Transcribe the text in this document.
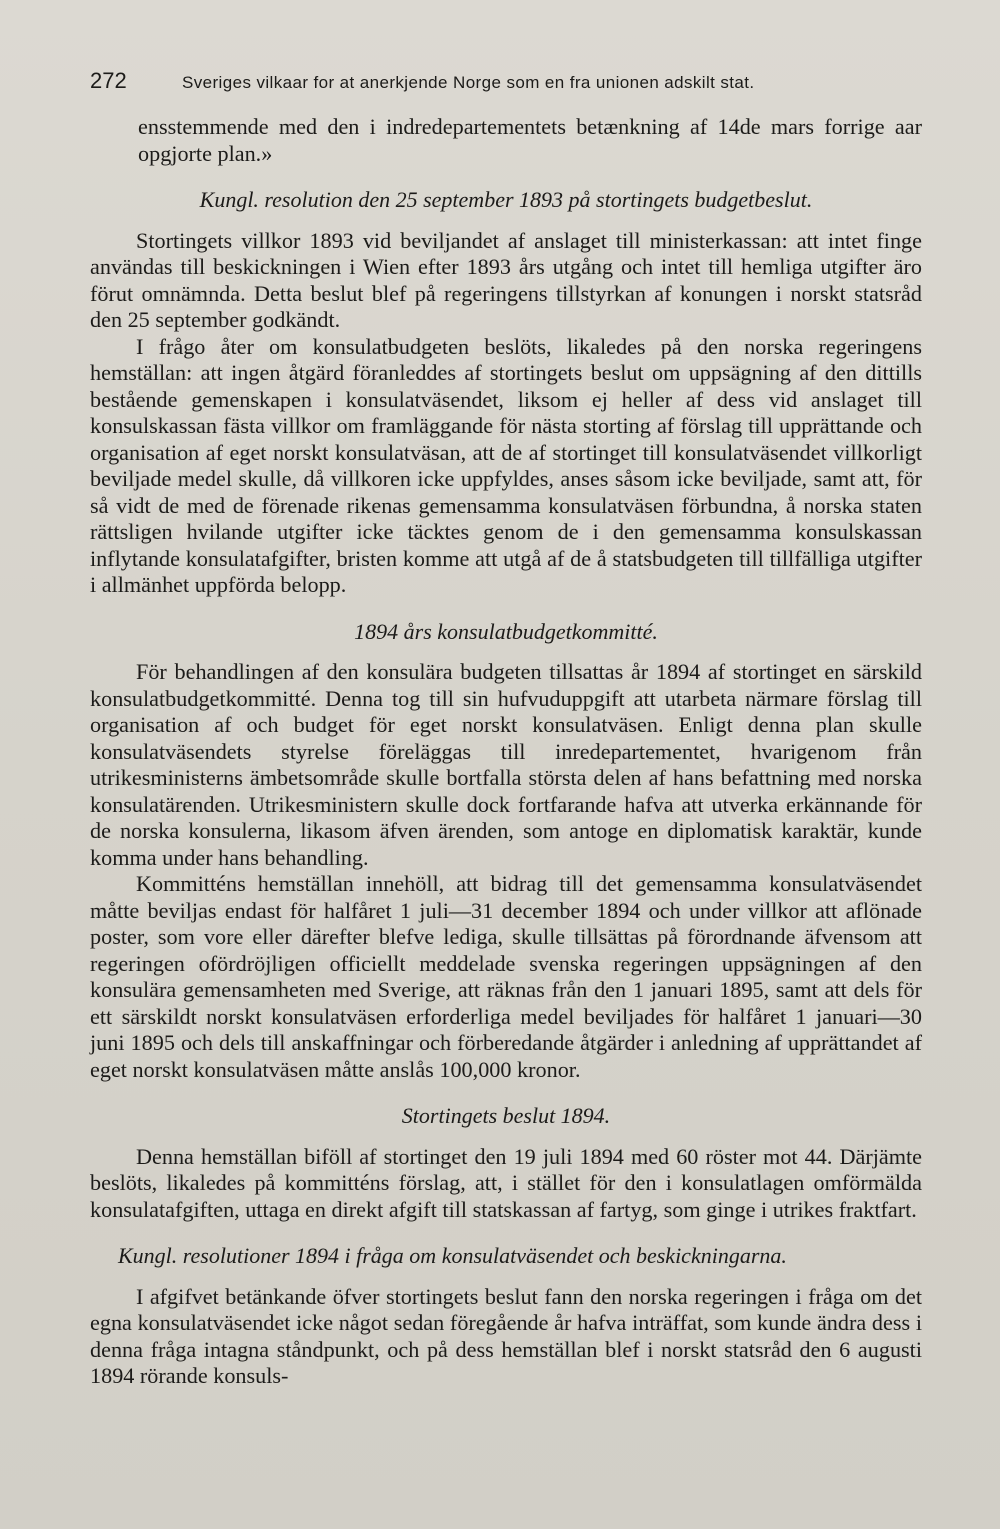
272	Sveriges vilkaar for at anerkjende Norge som en fra unionen adskilt stat.

ensstemmende med den i indredepartementets betænkning af 14de mars forrige aar opgjorte plan.»

Kungl. resolution den 25 september 1893 på stortingets budgetbeslut.

Stortingets villkor 1893 vid beviljandet af anslaget till ministerkassan: att intet finge användas till beskickningen i Wien efter 1893 års utgång och intet till hemliga utgifter äro förut omnämnda. Detta beslut blef på regeringens tillstyrkan af konungen i norskt statsråd den 25 september godkändt.

I frågo åter om konsulatbudgeten beslöts, likaledes på den norska regeringens hemställan: att ingen åtgärd föranleddes af stortingets beslut om uppsägning af den dittills bestående gemenskapen i konsulatväsendet, liksom ej heller af dess vid anslaget till konsulskassan fästa villkor om framläggande för nästa storting af förslag till upprättande och organisation af eget norskt konsulatväsan, att de af stortinget till konsulatväsendet villkorligt beviljade medel skulle, då villkoren icke uppfyldes, anses såsom icke beviljade, samt att, för så vidt de med de förenade rikenas gemensamma konsulatväsen förbundna, å norska staten rättsligen hvilande utgifter icke täcktes genom de i den gemensamma konsulskassan inflytande konsulatafgifter, bristen komme att utgå af de å statsbudgeten till tillfälliga utgifter i allmänhet uppförda belopp.

1894 års konsulatbudgetkommitté.

För behandlingen af den konsulära budgeten tillsattas år 1894 af stortinget en särskild konsulatbudgetkommitté. Denna tog till sin hufvuduppgift att utarbeta närmare förslag till organisation af och budget för eget norskt konsulatväsen. Enligt denna plan skulle konsulatväsendets styrelse föreläggas till inredepartementet, hvarigenom från utrikesministerns ämbetsområde skulle bortfalla största delen af hans befattning med norska konsulatärenden. Utrikesministern skulle dock fortfarande hafva att utverka erkännande för de norska konsulerna, likasom äfven ärenden, som antoge en diplomatisk karaktär, kunde komma under hans behandling.

Kommitténs hemställan innehöll, att bidrag till det gemensamma konsulatväsendet måtte beviljas endast för halfåret 1 juli—31 december 1894 och under villkor att aflönade poster, som vore eller därefter blefve lediga, skulle tillsättas på förordnande äfvensom att regeringen ofördröjligen officiellt meddelade svenska regeringen uppsägningen af den konsulära gemensamheten med Sverige, att räknas från den 1 januari 1895, samt att dels för ett särskildt norskt konsulatväsen erforderliga medel beviljades för halfåret 1 januari—30 juni 1895 och dels till anskaffningar och förberedande åtgärder i anledning af upprättandet af eget norskt konsulatväsen måtte anslås 100,000 kronor.

Stortingets beslut 1894.

Denna hemställan biföll af stortinget den 19 juli 1894 med 60 röster mot 44. Därjämte beslöts, likaledes på kommitténs förslag, att, i stället för den i konsulatlagen omförmälda konsulatafgiften, uttaga en direkt afgift till statskassan af fartyg, som ginge i utrikes fraktfart.

Kungl. resolutioner 1894 i fråga om konsulatväsendet och beskickningarna.

I afgifvet betänkande öfver stortingets beslut fann den norska regeringen i fråga om det egna konsulatväsendet icke något sedan föregående år hafva inträffat, som kunde ändra dess i denna fråga intagna ståndpunkt, och på dess hemställan blef i norskt statsråd den 6 augusti 1894 rörande konsuls-
